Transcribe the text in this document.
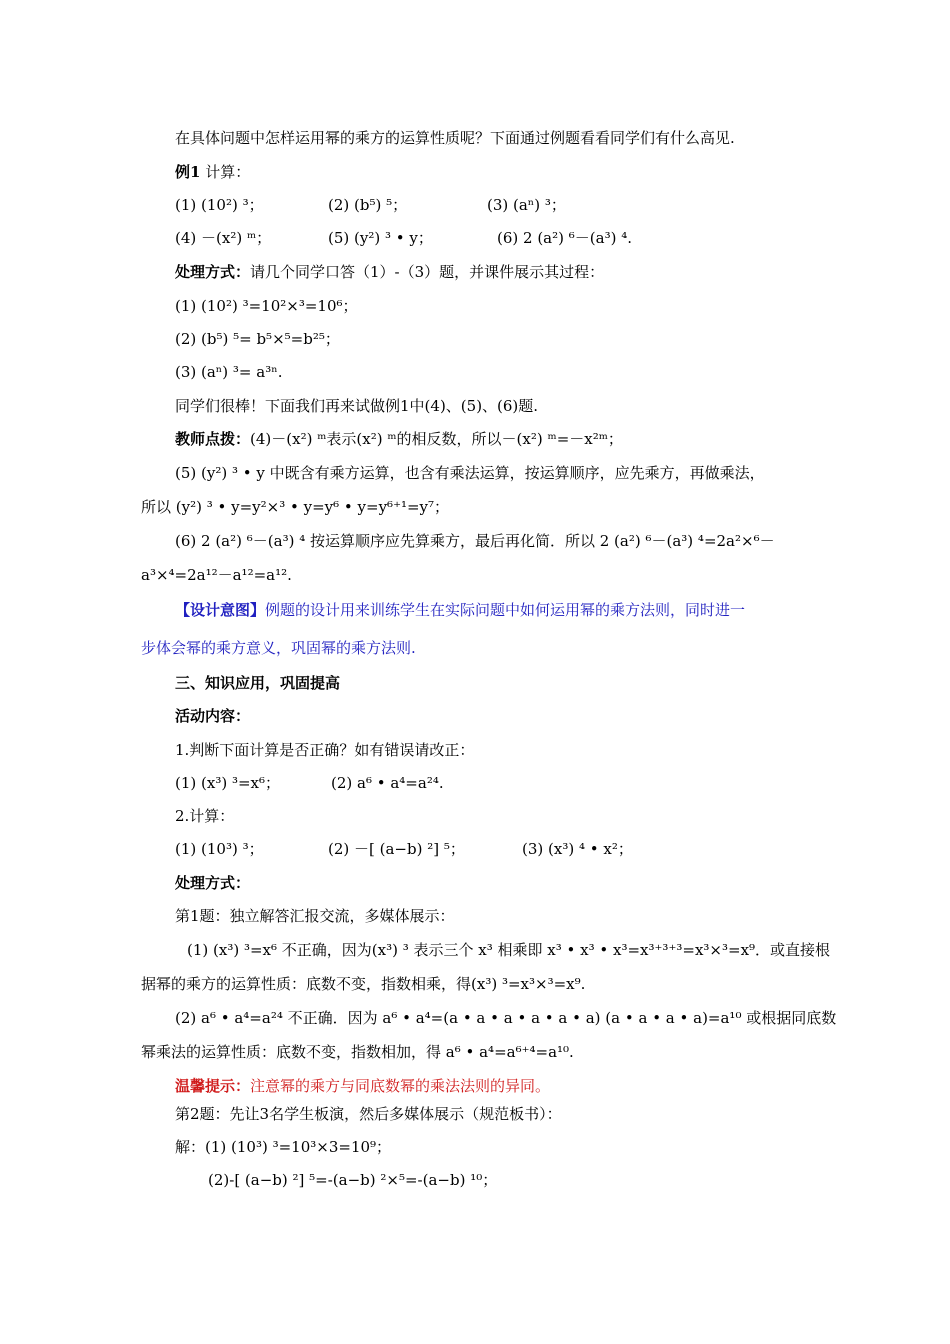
在具体问题中怎样运用幂的乘方的运算性质呢？下面通过例题看看同学们有什么高见.
例1 计算：
(1) (10²) ³；	(2) (b⁵) ⁵；	(3) (aⁿ) ³；
(4) －(x²) ᵐ；	(5) (y²) ³ • y；	(6) 2 (a²) ⁶－(a³) ⁴.
处理方式：请几个同学口答（1）-（3）题，并课件展示其过程：
(1) (10²) ³=10²×³=10⁶；
(2) (b⁵) ⁵= b⁵×⁵=b²⁵；
(3) (aⁿ) ³= a³ⁿ.
同学们很棒！下面我们再来试做例1中(4)、(5)、(6)题.
教师点拨：(4)－(x²) ᵐ表示(x²) ᵐ的相反数，所以－(x²) ᵐ=－x²ᵐ；
(5) (y²) ³ • y 中既含有乘方运算，也含有乘法运算，按运算顺序，应先乘方，再做乘法，
所以 (y²) ³ • y=y²×³ • y=y⁶ • y=y⁶⁺¹=y⁷；
(6) 2 (a²) ⁶－(a³) ⁴ 按运算顺序应先算乘方，最后再化简．所以 2 (a²) ⁶－(a³) ⁴=2a²×⁶－
a³×⁴=2a¹²－a¹²=a¹².
【设计意图】例题的设计用来训练学生在实际问题中如何运用幂的乘方法则，同时进一
步体会幂的乘方意义，巩固幂的乘方法则.
三、知识应用，巩固提高
活动内容：
1.判断下面计算是否正确？如有错误请改正：
(1) (x³) ³=x⁶；	(2) a⁶ • a⁴=a²⁴.
2.计算：
(1) (10³) ³；	(2) －[ (a−b) ²] ⁵；	(3) (x³) ⁴ • x²；
处理方式：
第1题：独立解答汇报交流，多媒体展示：
(1) (x³) ³=x⁶ 不正确，因为(x³) ³ 表示三个 x³ 相乘即 x³ • x³ • x³=x³⁺³⁺³=x³×³=x⁹．或直接根
据幂的乘方的运算性质：底数不变，指数相乘，得(x³) ³=x³×³=x⁹.
(2) a⁶ • a⁴=a²⁴ 不正确．因为 a⁶ • a⁴=(a • a • a • a • a • a) (a • a • a • a)=a¹⁰ 或根据同底数
幂乘法的运算性质：底数不变，指数相加，得 a⁶ • a⁴=a⁶⁺⁴=a¹⁰.
温馨提示：注意幂的乘方与同底数幂的乘法法则的异同。
第2题：先让3名学生板演，然后多媒体展示（规范板书）：
解：(1) (10³) ³=10³×3=10⁹；
(2)-[ (a−b) ²] ⁵=-(a−b) ²×⁵=-(a−b) ¹⁰；
